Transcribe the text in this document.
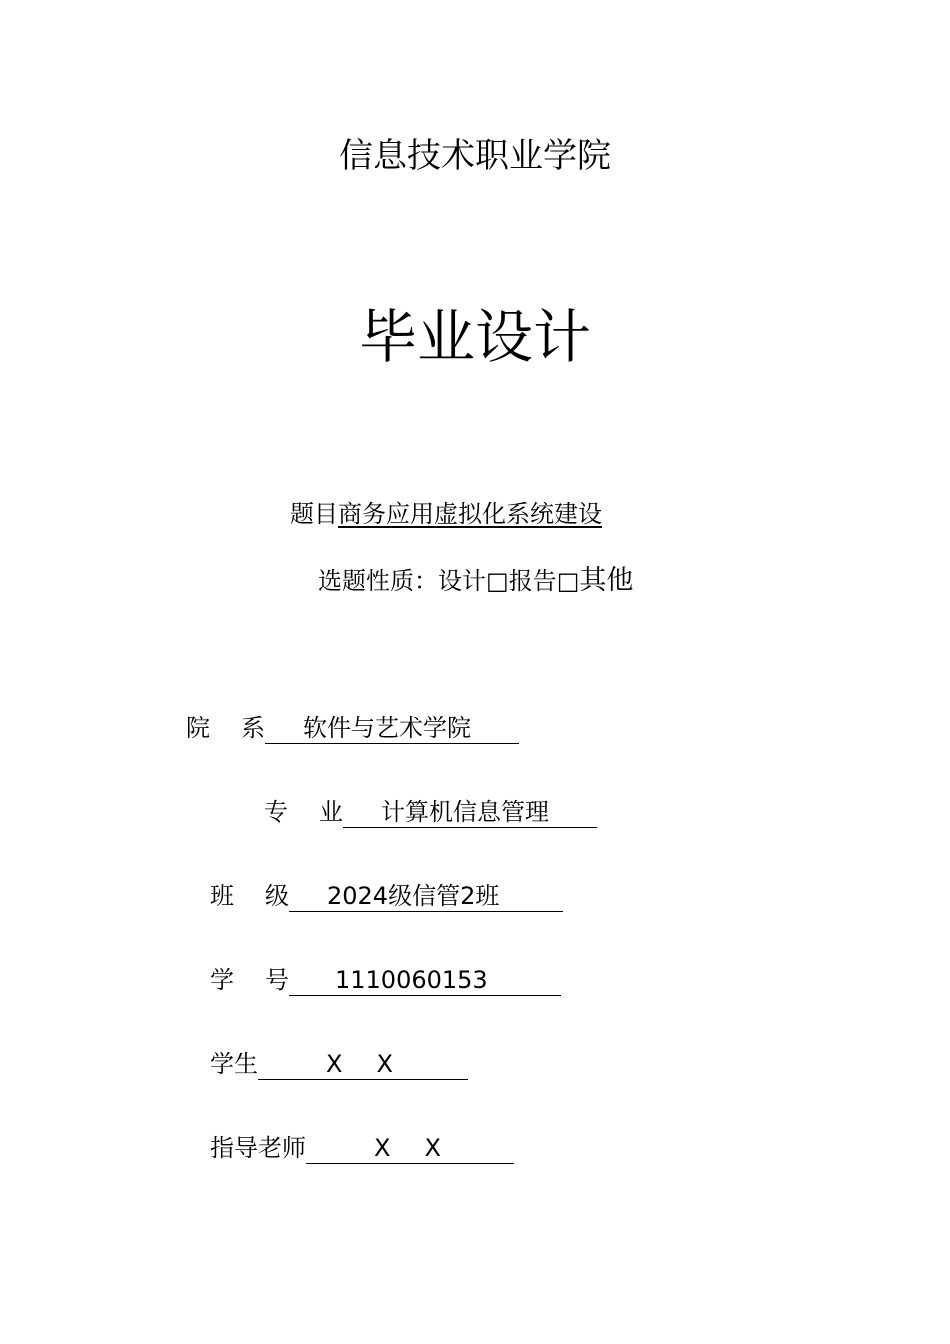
信息技术职业学院
毕业设计
题目商务应用虚拟化系统建设
选题性质：设计□报告□其他
院 系 软件与艺术学院
专 业 计算机信息管理
班 级 2024级信管2班
学 号 1110060153
学生	X X
指导老师	X X
